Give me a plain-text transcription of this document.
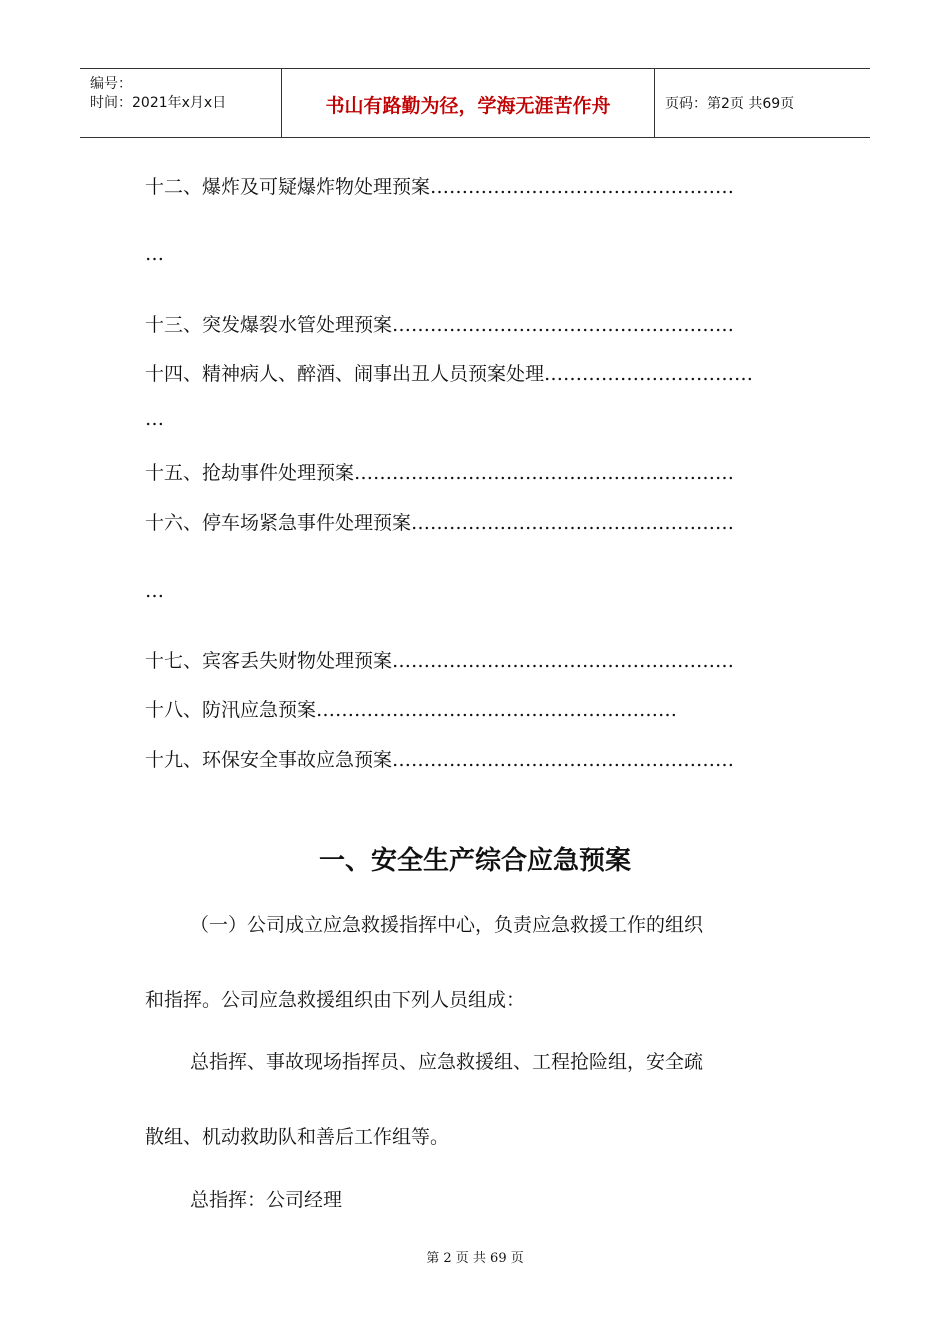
编号：
时间：2021年x月x日	书山有路勤为径，学海无涯苦作舟	页码：第2页 共69页
十二、爆炸及可疑爆炸物处理预案…………………………………………
…
十三、突发爆裂水管处理预案………………………………………………
十四、精神病人、醉酒、闹事出丑人员预案处理……………………………
…
十五、抢劫事件处理预案……………………………………………………
十六、停车场紧急事件处理预案……………………………………………
…
十七、宾客丢失财物处理预案………………………………………………
十八、防汛应急预案…………………………………………………
十九、环保安全事故应急预案………………………………………………
一、安全生产综合应急预案
（一）公司成立应急救援指挥中心，负责应急救援工作的组织
和指挥。公司应急救援组织由下列人员组成：
总指挥、事故现场指挥员、应急救援组、工程抢险组，安全疏
散组、机动救助队和善后工作组等。
总指挥：公司经理
第 2 页 共 69 页
